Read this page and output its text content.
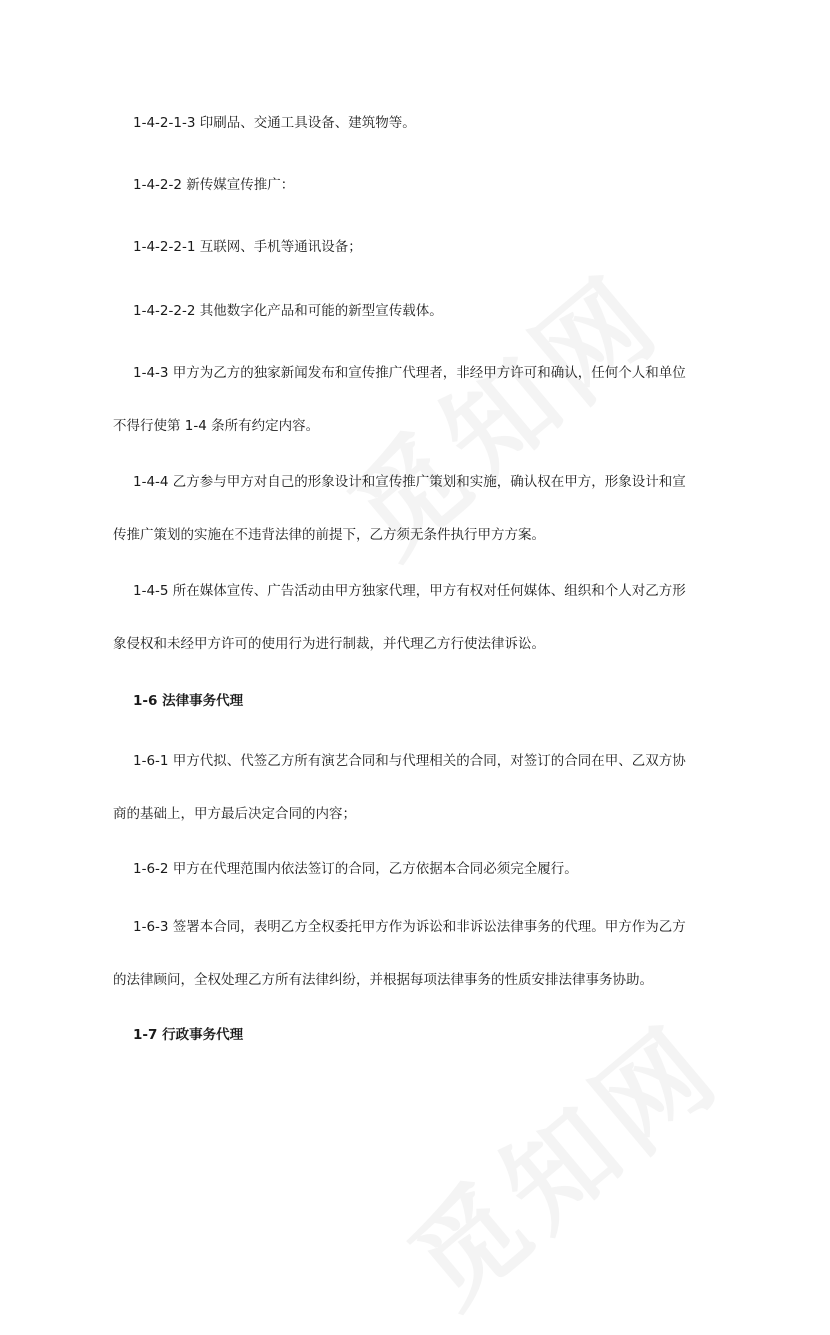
1-4-2-1-3 印刷品、交通工具设备、建筑物等。

1-4-2-2 新传媒宣传推广：

1-4-2-2-1 互联网、手机等通讯设备；

1-4-2-2-2 其他数字化产品和可能的新型宣传载体。

1-4-3 甲方为乙方的独家新闻发布和宣传推广代理者，非经甲方许可和确认，任何个人和单位
不得行使第 1-4 条所有约定内容。

1-4-4 乙方参与甲方对自己的形象设计和宣传推广策划和实施，确认权在甲方，形象设计和宣
传推广策划的实施在不违背法律的前提下，乙方须无条件执行甲方方案。

1-4-5 所在媒体宣传、广告活动由甲方独家代理，甲方有权对任何媒体、组织和个人对乙方形
象侵权和未经甲方许可的使用行为进行制裁，并代理乙方行使法律诉讼。

1-6 法律事务代理

1-6-1 甲方代拟、代签乙方所有演艺合同和与代理相关的合同，对签订的合同在甲、乙双方协
商的基础上，甲方最后决定合同的内容；

1-6-2 甲方在代理范围内依法签订的合同，乙方依据本合同必须完全履行。

1-6-3 签署本合同，表明乙方全权委托甲方作为诉讼和非诉讼法律事务的代理。甲方作为乙方
的法律顾问，全权处理乙方所有法律纠纷，并根据每项法律事务的性质安排法律事务协助。

1-7 行政事务代理
